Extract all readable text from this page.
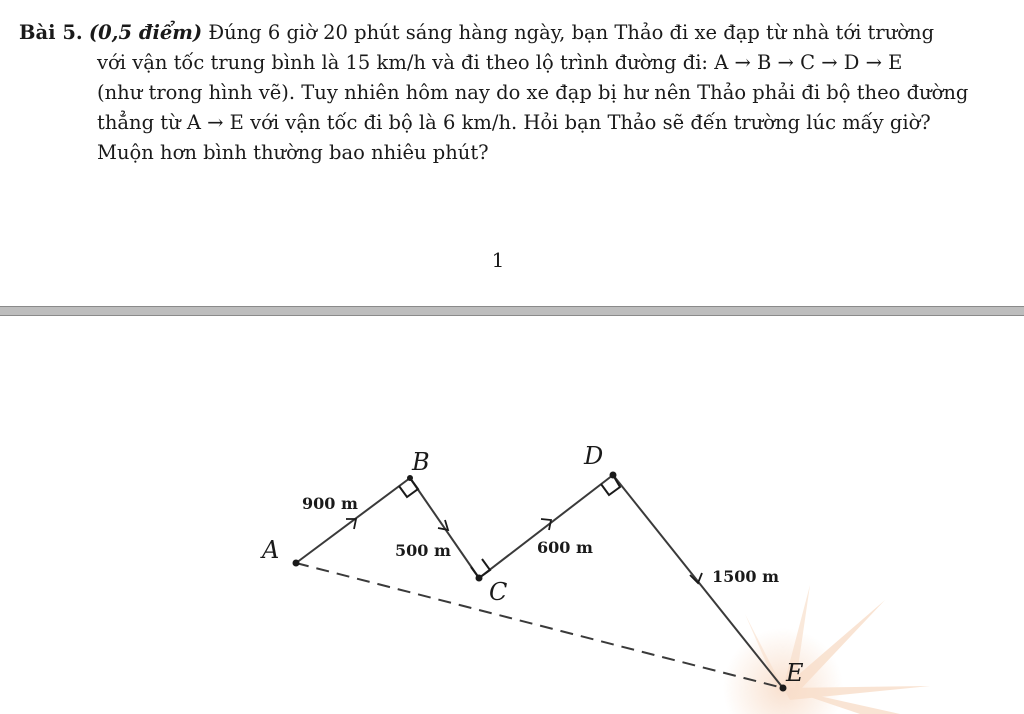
Bài 5. (0,5 điểm) Đúng 6 giờ 20 phút sáng hàng ngày, bạn Thảo đi xe đạp từ nhà tới trường
với vận tốc trung bình là 15 km/h và đi theo lộ trình đường đi: A → B → C → D → E
(như trong hình vẽ). Tuy nhiên hôm nay do xe đạp bị hư nên Thảo phải đi bộ theo đường
thẳng từ A → E với vận tốc đi bộ là 6 km/h. Hỏi bạn Thảo sẽ đến trường lúc mấy giờ?
Muộn hơn bình thường bao nhiêu phút?
1
A
B
C
D
E
900 m
500 m	600 m
1500 m
